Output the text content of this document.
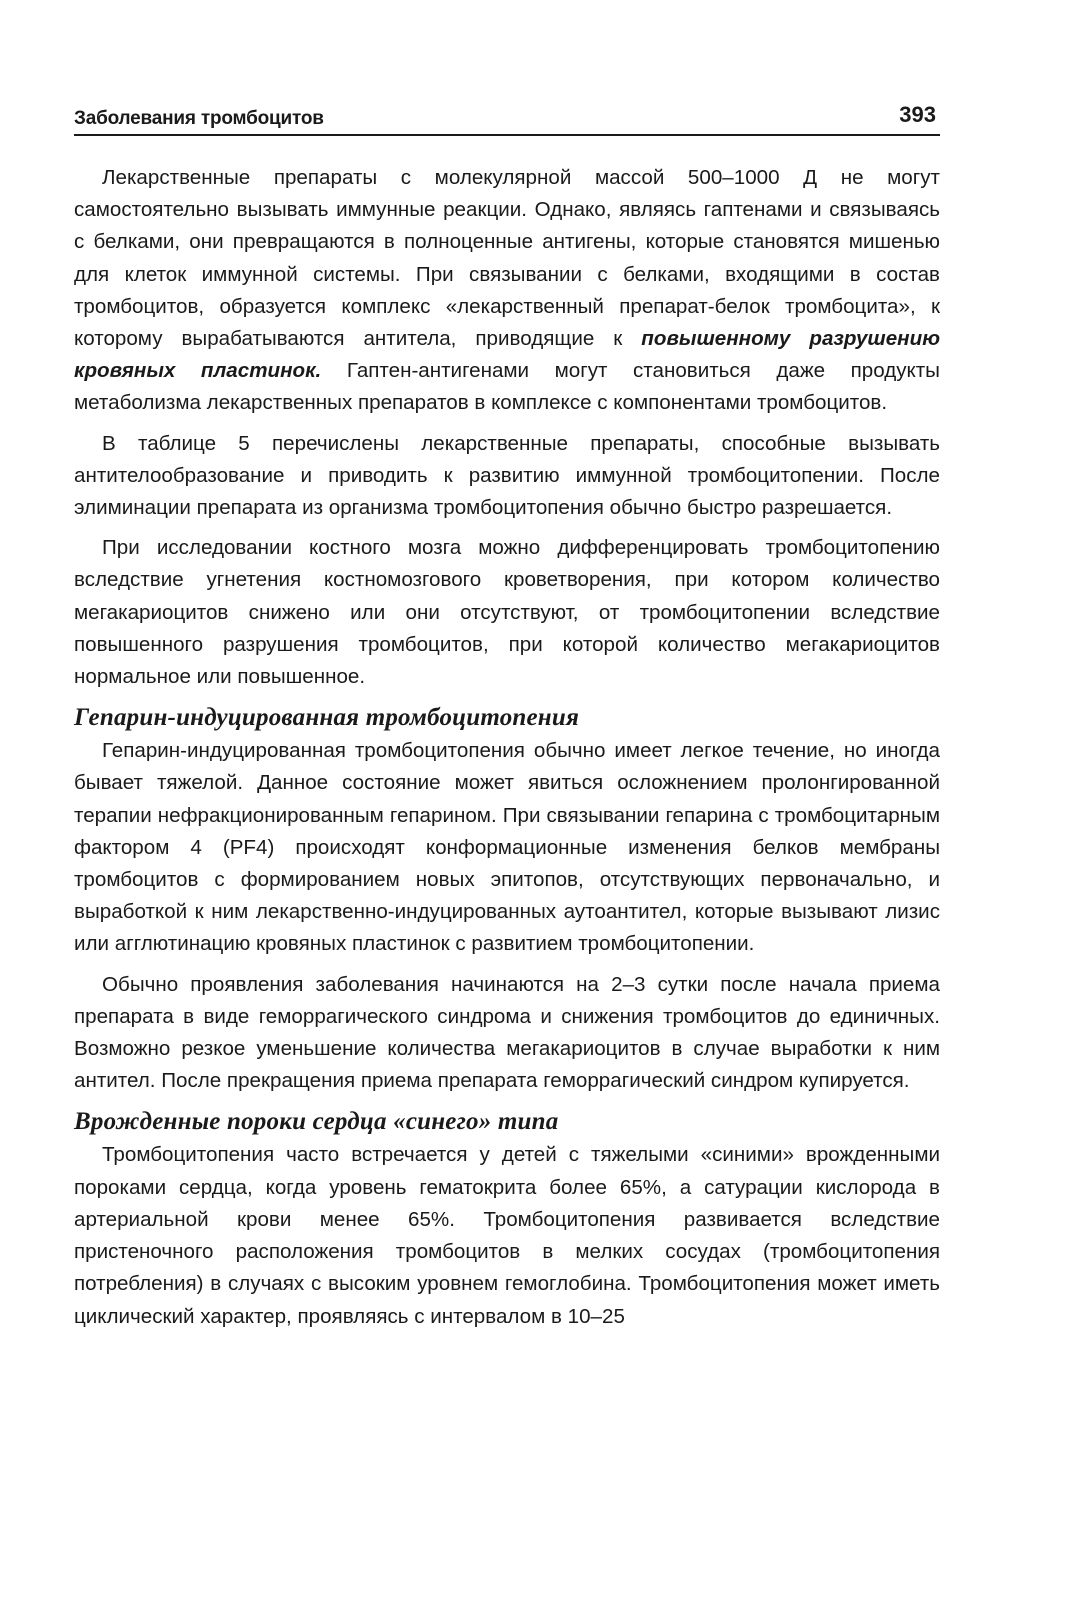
Заболевания тромбоцитов	393

Лекарственные препараты с молекулярной массой 500–1000 Д не могут самостоятельно вызывать иммунные реакции. Однако, являясь гаптенами и связываясь с белками, они превращаются в полноценные антигены, которые становятся мишенью для клеток иммунной системы. При связывании с белками, входящими в состав тромбоцитов, образуется комплекс «лекарственный препарат-белок тромбоцита», к которому вырабатываются антитела, приводящие к повышенному разрушению кровяных пластинок. Гаптен-антигенами могут становиться даже продукты метаболизма лекарственных препаратов в комплексе с компонентами тромбоцитов.

В таблице 5 перечислены лекарственные препараты, способные вызывать антителообразование и приводить к развитию иммунной тромбоцитопении. После элиминации препарата из организма тромбоцитопения обычно быстро разрешается.

При исследовании костного мозга можно дифференцировать тромбоцитопению вследствие угнетения костномозгового кроветворения, при котором количество мегакариоцитов снижено или они отсутствуют, от тромбоцитопении вследствие повышенного разрушения тромбоцитов, при которой количество мегакариоцитов нормальное или повышенное.

Гепарин-индуцированная тромбоцитопения

Гепарин-индуцированная тромбоцитопения обычно имеет легкое течение, но иногда бывает тяжелой. Данное состояние может явиться осложнением пролонгированной терапии нефракционированным гепарином. При связывании гепарина с тромбоцитарным фактором 4 (PF4) происходят конформационные изменения белков мембраны тромбоцитов с формированием новых эпитопов, отсутствующих первоначально, и выработкой к ним лекарственно-индуцированных аутоантител, которые вызывают лизис или агглютинацию кровяных пластинок с развитием тромбоцитопении.

Обычно проявления заболевания начинаются на 2–3 сутки после начала приема препарата в виде геморрагического синдрома и снижения тромбоцитов до единичных. Возможно резкое уменьшение количества мегакариоцитов в случае выработки к ним антител. После прекращения приема препарата геморрагический синдром купируется.

Врожденные пороки сердца «синего» типа

Тромбоцитопения часто встречается у детей с тяжелыми «синими» врожденными пороками сердца, когда уровень гематокрита более 65%, а сатурации кислорода в артериальной крови менее 65%. Тромбоцитопения развивается вследствие пристеночного расположения тромбоцитов в мелких сосудах (тромбоцитопения потребления) в случаях с высоким уровнем гемоглобина. Тромбоцитопения может иметь циклический характер, проявляясь с интервалом в 10–25
